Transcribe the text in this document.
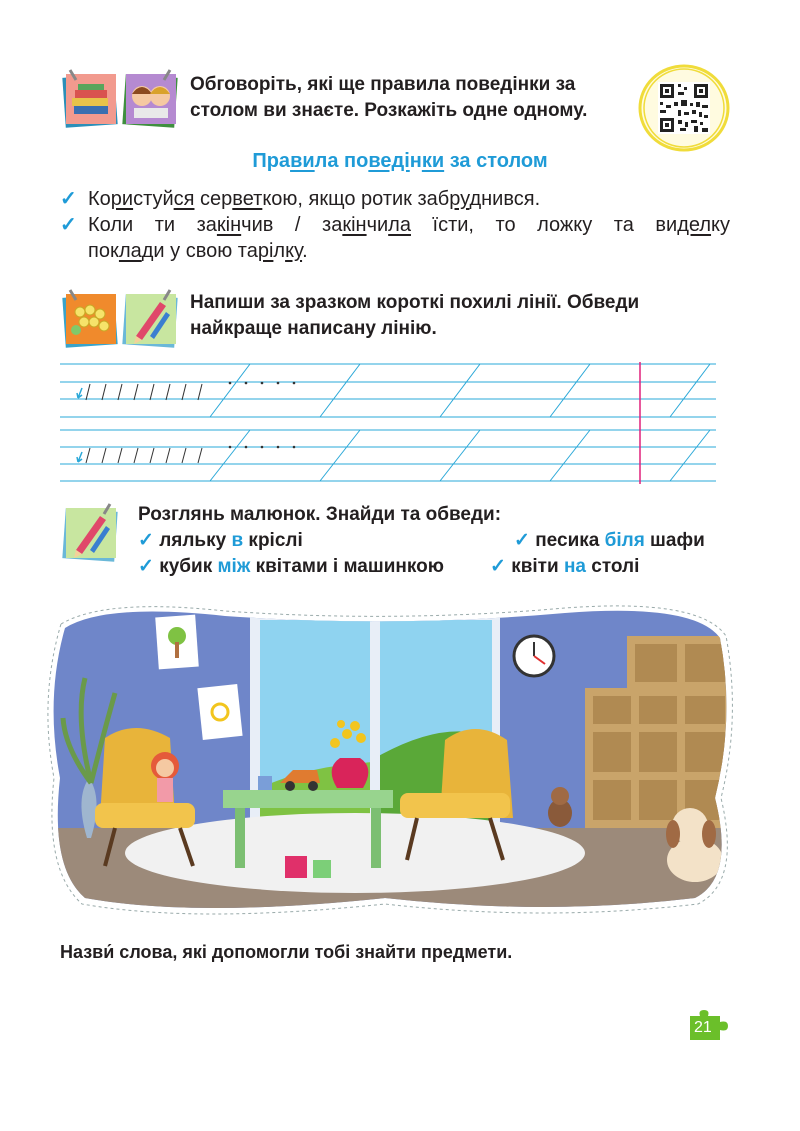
Обговоріть, які ще правила поведінки за
столом ви знаєте. Розкажіть одне одному.
Правила поведінки за столом
✓ Користуйся серветкою, якщо ротик забруднився.
✓ Коли ти закінчив / закінчила їсти, то ложку та виделку
поклади у свою тарілку.
Напиши за зразком короткі похилі лінії. Обведи
найкраще написану лінію.
Розглянь малюнок. Знайди та обведи:
✓ ляльку в кріслі	✓ песика біля шафи
✓ кубик між квітами і машинкою ✓ квіти на столі
Назви́ слова, які допомогли тобі знайти предмети.
21
